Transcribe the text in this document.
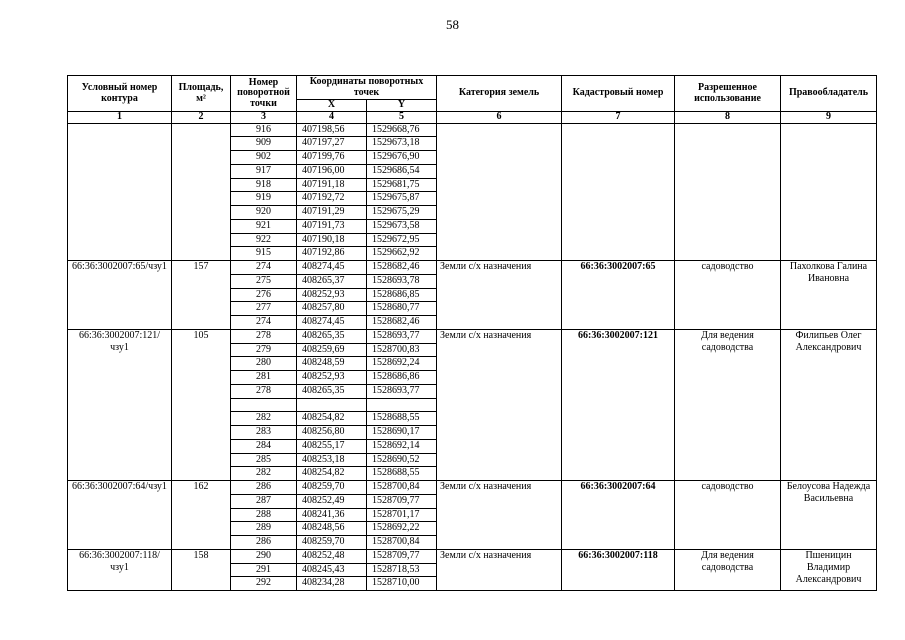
58
Условный номер контура	Площадь, м²	Номер поворотной точки	Координаты поворотных точек		Категория земель	Кадастровый номер	Разрешенное использование	Правообладатель
			X	Y				
1	2	3	4	5	6	7	8	9
		916	407198,56	1529668,76				
		909	407197,27	1529673,18				
		902	407199,76	1529676,90				
		917	407196,00	1529686,54				
		918	407191,18	1529681,75				
		919	407192,72	1529675,87				
		920	407191,29	1529675,29				
		921	407191,73	1529673,58				
		922	407190,18	1529672,95				
		915	407192,86	1529662,92				
66:36:3002007:65/чзу1	157	274	408274,45	1528682,46	Земли с/х назначения	66:36:3002007:65	садоводство	Пахолкова Галина Ивановна
		275	408265,37	1528693,78				
		276	408252,93	1528686,85				
		277	408257,80	1528680,77				
		274	408274,45	1528682,46				
66:36:3002007:121/чзу1	105	278	408265,35	1528693,77	Земли с/х назначения	66:36:3002007:121	Для ведения садоводства	Филипьев Олег Александрович
		279	408259,69	1528700,83				
		280	408248,59	1528692,24				
		281	408252,93	1528686,86				
		278	408265,35	1528693,77				

		282	408254,82	1528688,55				
		283	408256,80	1528690,17				
		284	408255,17	1528692,14				
		285	408253,18	1528690,52				
		282	408254,82	1528688,55				
66:36:3002007:64/чзу1	162	286	408259,70	1528700,84	Земли с/х назначения	66:36:3002007:64	садоводство	Белоусова Надежда Васильевна
		287	408252,49	1528709,77				
		288	408241,36	1528701,17				
		289	408248,56	1528692,22				
		286	408259,70	1528700,84				
66:36:3002007:118/чзу1	158	290	408252,48	1528709,77	Земли с/х назначения	66:36:3002007:118	Для ведения садоводства	Пшеницин Владимир Александрович
		291	408245,43	1528718,53				
		292	408234,28	1528710,00				
